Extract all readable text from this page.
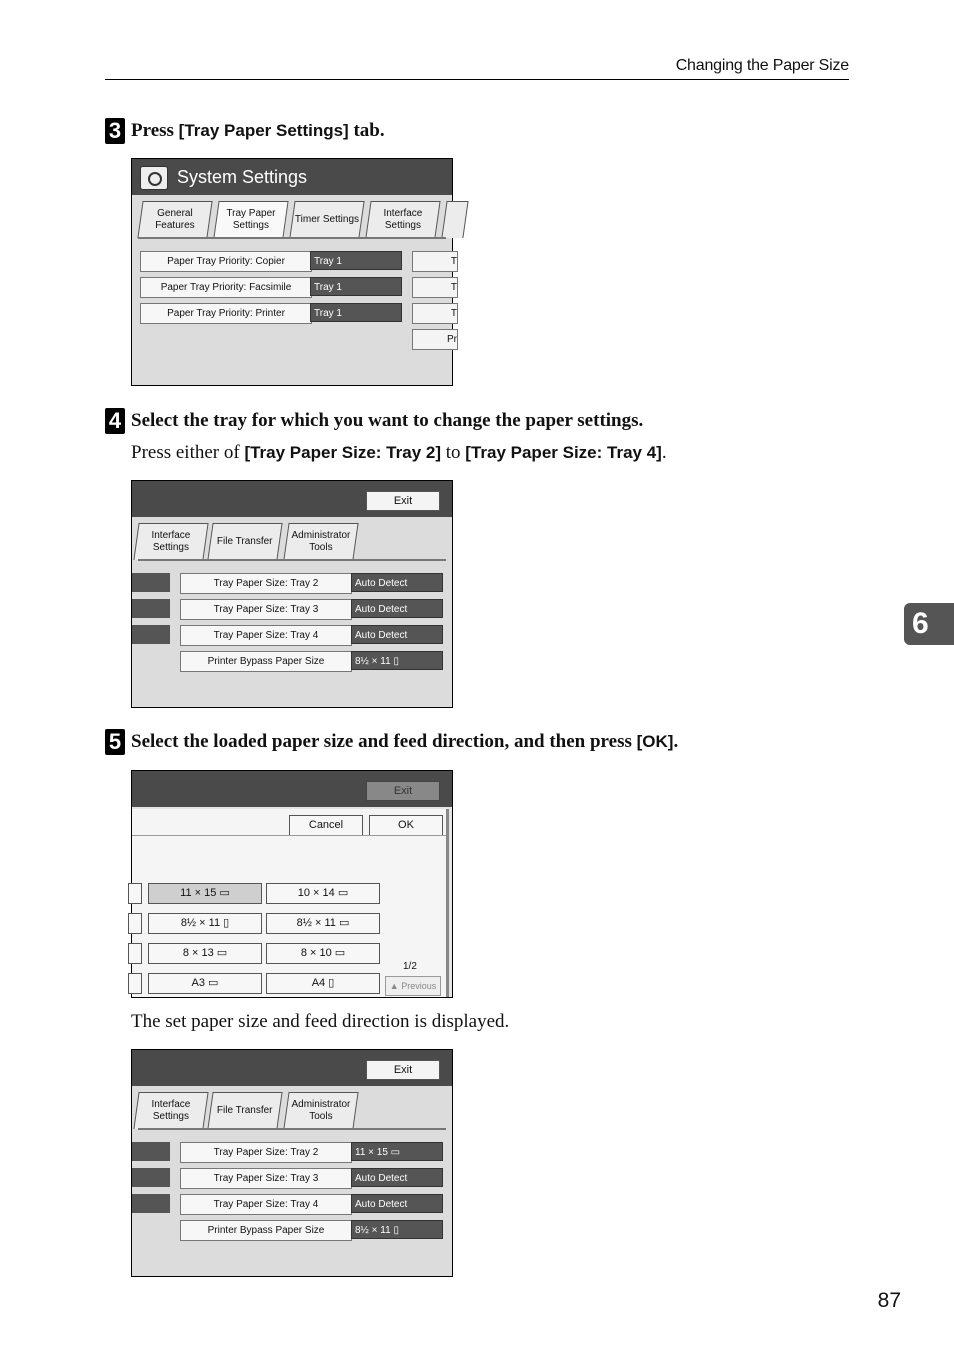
Changing the Paper Size
3 Press [Tray Paper Settings] tab.
System Settings
General Features
Tray Paper Settings
Timer Settings
Interface Settings
Paper Tray Priority: Copier	Tray 1	T
Paper Tray Priority: Facsimile	Tray 1	T
Paper Tray Priority: Printer	Tray 1	T
Pr
4 Select the tray for which you want to change the paper settings.
Press either of [Tray Paper Size: Tray 2] to [Tray Paper Size: Tray 4].
Exit
Interface Settings
File Transfer
Administrator Tools
Tray Paper Size: Tray 2	Auto Detect
Tray Paper Size: Tray 3	Auto Detect
Tray Paper Size: Tray 4	Auto Detect
Printer Bypass Paper Size	8½ × 11 ▯
5 Select the loaded paper size and feed direction, and then press [OK].
Exit
Cancel	OK
11 × 15 ▭	10 × 14 ▭
8½ × 11 ▯	8½ × 11 ▭
8 × 13 ▭	8 × 10 ▭
A3 ▭	A4 ▯
1/2
▲ Previous
The set paper size and feed direction is displayed.
Exit
Interface Settings
File Transfer
Administrator Tools
Tray Paper Size: Tray 2	11 × 15 ▭
Tray Paper Size: Tray 3	Auto Detect
Tray Paper Size: Tray 4	Auto Detect
Printer Bypass Paper Size	8½ × 11 ▯
6
87
